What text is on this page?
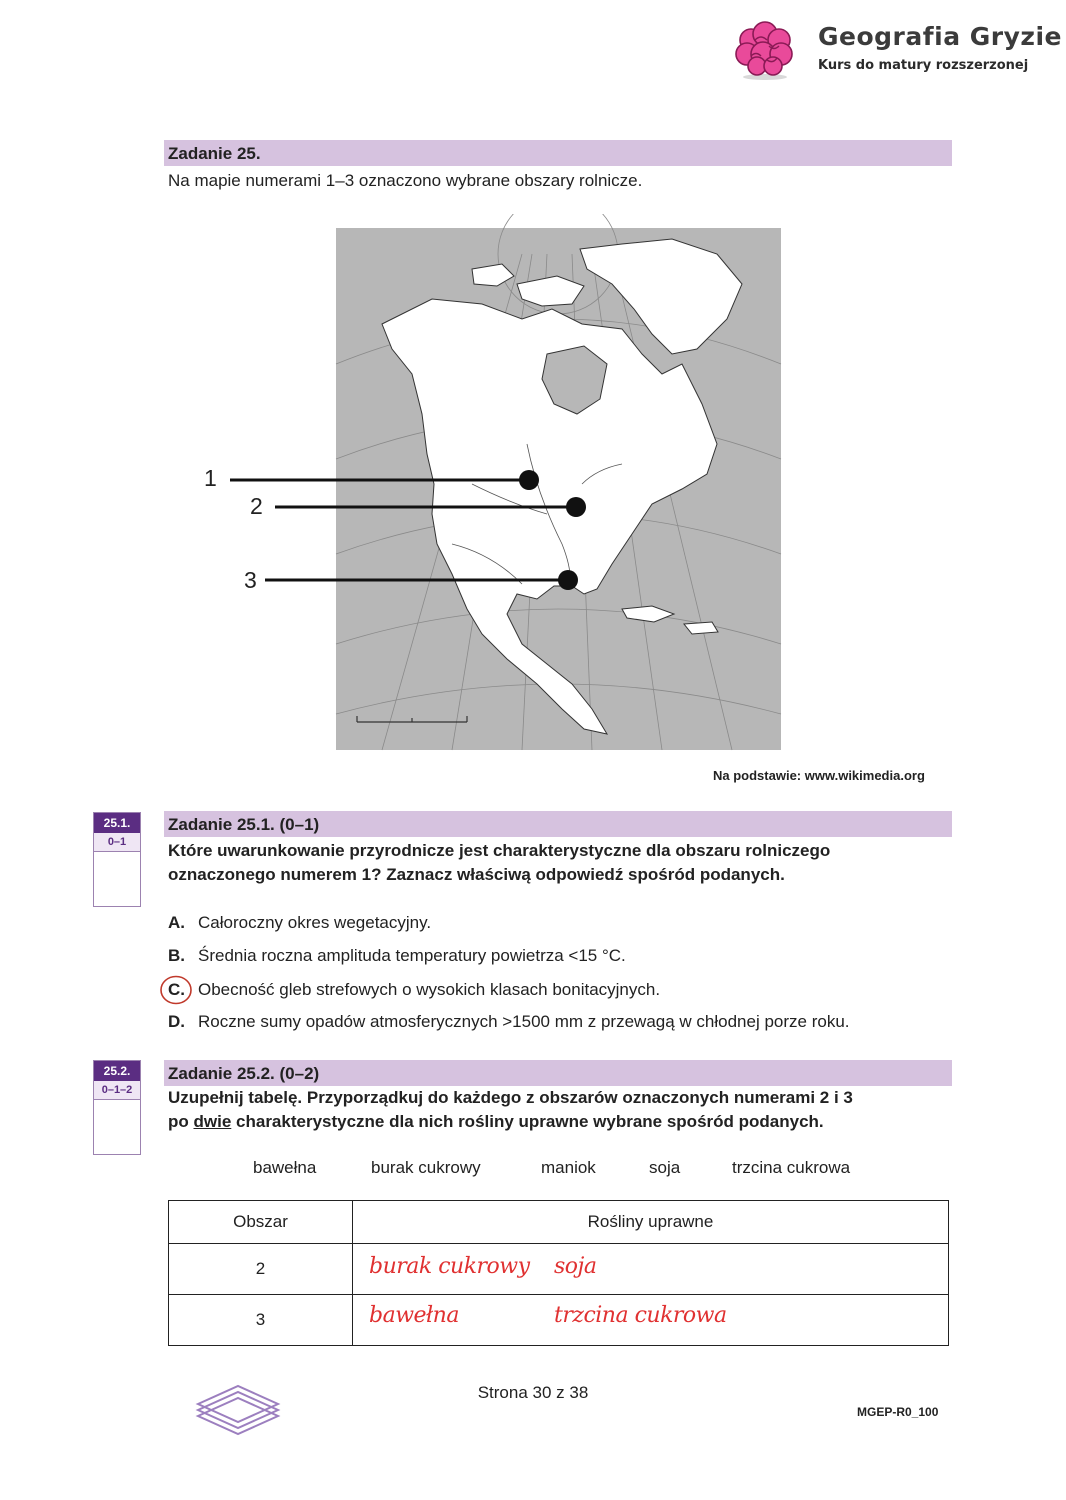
Geografia Gryzie
Kurs do matury rozszerzonej
Zadanie 25.
Na mapie numerami 1–3 oznaczono wybrane obszary rolnicze.
1
2
3
Na podstawie: www.wikimedia.org
25.1.
0–1
Zadanie 25.1. (0–1)
Które uwarunkowanie przyrodnicze jest charakterystyczne dla obszaru rolniczego
oznaczonego numerem 1? Zaznacz właściwą odpowiedź spośród podanych.
A. Całoroczny okres wegetacyjny.
B. Średnia roczna amplituda temperatury powietrza <15 °C.
C. Obecność gleb strefowych o wysokich klasach bonitacyjnych.
D. Roczne sumy opadów atmosferycznych >1500 mm z przewagą w chłodnej porze roku.
25.2.
0–1–2
Zadanie 25.2. (0–2)
Uzupełnij tabelę. Przyporządkuj do każdego z obszarów oznaczonych numerami 2 i 3
po dwie charakterystyczne dla nich rośliny uprawne wybrane spośród podanych.
bawełna	burak cukrowy	maniok	soja	trzcina cukrowa
Obszar	Rośliny uprawne
2	burak cukrowy soja

3	bawełna trzcina cukrowa
Strona 30 z 38
MGEP-R0_100
